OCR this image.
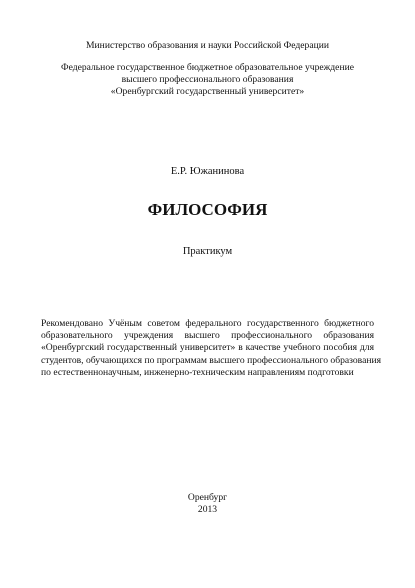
Министерство образования и науки Российской Федерации
Федеральное государственное бюджетное образовательное учреждение
высшего профессионального образования
«Оренбургский государственный университет»
Е.Р. Южанинова
ФИЛОСОФИЯ
Практикум
Рекомендовано Учёным советом федерального государственного бюджетного
образовательного учреждения высшего профессионального образования
«Оренбургский государственный университет» в качестве учебного пособия для
студентов, обучающихся по программам высшего профессионального образования
по естественнонаучным, инженерно-техническим направлениям подготовки
Оренбург
2013
